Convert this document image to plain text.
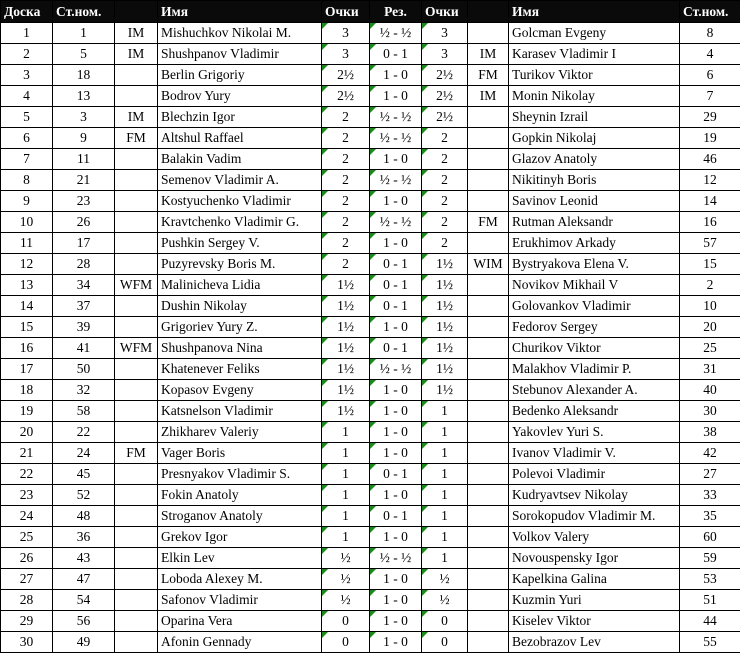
Доска	Ст.ном.		Имя	Очки	Рез.	Очки		Имя	Ст.ном.
1	1	IM	Mishuchkov Nikolai M.	3	½ - ½	3		Golcman Evgeny	8
2	5	IM	Shushpanov Vladimir	3	0 - 1	3	IM	Karasev Vladimir I	4
3	18		Berlin Grigoriy	2½	1 - 0	2½	FM	Turikov Viktor	6
4	13		Bodrov Yury	2½	1 - 0	2½	IM	Monin Nikolay	7
5	3	IM	Blechzin Igor	2	½ - ½	2½		Sheynin Izrail	29
6	9	FM	Altshul Raffael	2	½ - ½	2		Gopkin Nikolaj	19
7	11		Balakin Vadim	2	1 - 0	2		Glazov Anatoly	46
8	21		Semenov Vladimir A.	2	½ - ½	2		Nikitinyh Boris	12
9	23		Kostyuchenko Vladimir	2	1 - 0	2		Savinov Leonid	14
10	26		Kravtchenko Vladimir G.	2	½ - ½	2	FM	Rutman Aleksandr	16
11	17		Pushkin Sergey V.	2	1 - 0	2		Erukhimov Arkady	57
12	28		Puzyrevsky Boris M.	2	0 - 1	1½	WIM	Bystryakova Elena V.	15
13	34	WFM	Malinicheva Lidia	1½	0 - 1	1½		Novikov Mikhail V	2
14	37		Dushin Nikolay	1½	0 - 1	1½		Golovankov Vladimir	10
15	39		Grigoriev Yury Z.	1½	1 - 0	1½		Fedorov Sergey	20
16	41	WFM	Shushpanova Nina	1½	0 - 1	1½		Churikov Viktor	25
17	50		Khatenever Feliks	1½	½ - ½	1½		Malakhov Vladimir P.	31
18	32		Kopasov Evgeny	1½	1 - 0	1½		Stebunov Alexander A.	40
19	58		Katsnelson Vladimir	1½	1 - 0	1		Bedenko Aleksandr	30
20	22		Zhikharev Valeriy	1	1 - 0	1		Yakovlev Yuri S.	38
21	24	FM	Vager Boris	1	1 - 0	1		Ivanov Vladimir V.	42
22	45		Presnyakov Vladimir S.	1	0 - 1	1		Polevoi Vladimir	27
23	52		Fokin Anatoly	1	1 - 0	1		Kudryavtsev Nikolay	33
24	48		Stroganov Anatoly	1	0 - 1	1		Sorokopudov Vladimir M.	35
25	36		Grekov Igor	1	1 - 0	1		Volkov Valery	60
26	43		Elkin Lev	½	½ - ½	1		Novouspensky Igor	59
27	47		Loboda Alexey M.	½	1 - 0	½		Kapelkina Galina	53
28	54		Safonov Vladimir	½	1 - 0	½		Kuzmin Yuri	51
29	56		Oparina Vera	0	1 - 0	0		Kiselev Viktor	44
30	49		Afonin Gennady	0	1 - 0	0		Bezobrazov Lev	55
